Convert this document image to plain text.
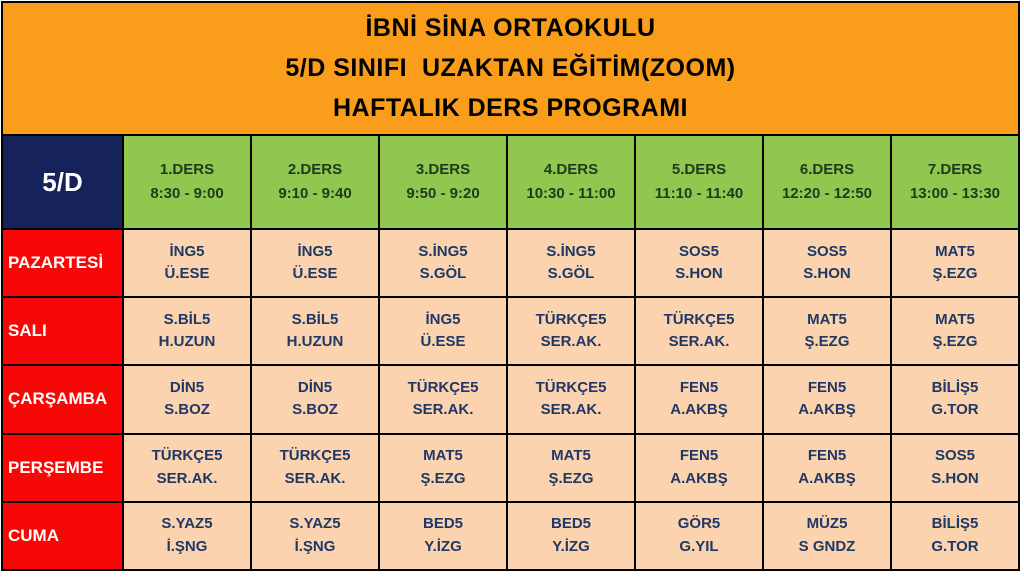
İBNİ SİNA ORTAOKULU
5/D SINIFI  UZAKTAN EĞİTİM(ZOOM)
HAFTALIK DERS PROGRAMI
5/D	1.DERS
8:30 - 9:00
2.DERS
9:10 - 9:40
3.DERS
9:50 - 9:20
4.DERS
10:30 - 11:00
5.DERS
11:10 - 11:40
6.DERS
12:20 - 12:50
7.DERS
13:00 - 13:30
PAZARTESİ
İNG5
Ü.ESE
İNG5
Ü.ESE
S.İNG5
S.GÖL
S.İNG5
S.GÖL
SOS5
S.HON
SOS5
S.HON
MAT5
Ş.EZG
SALI
S.BİL5
H.UZUN
S.BİL5
H.UZUN
İNG5
Ü.ESE
TÜRKÇE5
SER.AK.
TÜRKÇE5
SER.AK.
MAT5
Ş.EZG
MAT5
Ş.EZG
ÇARŞAMBA
DİN5
S.BOZ
DİN5
S.BOZ
TÜRKÇE5
SER.AK.
TÜRKÇE5
SER.AK.
FEN5
A.AKBŞ
FEN5
A.AKBŞ
BİLİŞ5
G.TOR
PERŞEMBE
TÜRKÇE5
SER.AK.
TÜRKÇE5
SER.AK.
MAT5
Ş.EZG
MAT5
Ş.EZG
FEN5
A.AKBŞ
FEN5
A.AKBŞ
SOS5
S.HON
CUMA
S.YAZ5
İ.ŞNG
S.YAZ5
İ.ŞNG
BED5
Y.İZG
BED5
Y.İZG
GÖR5
G.YIL
MÜZ5
S GNDZ
BİLİŞ5
G.TOR
